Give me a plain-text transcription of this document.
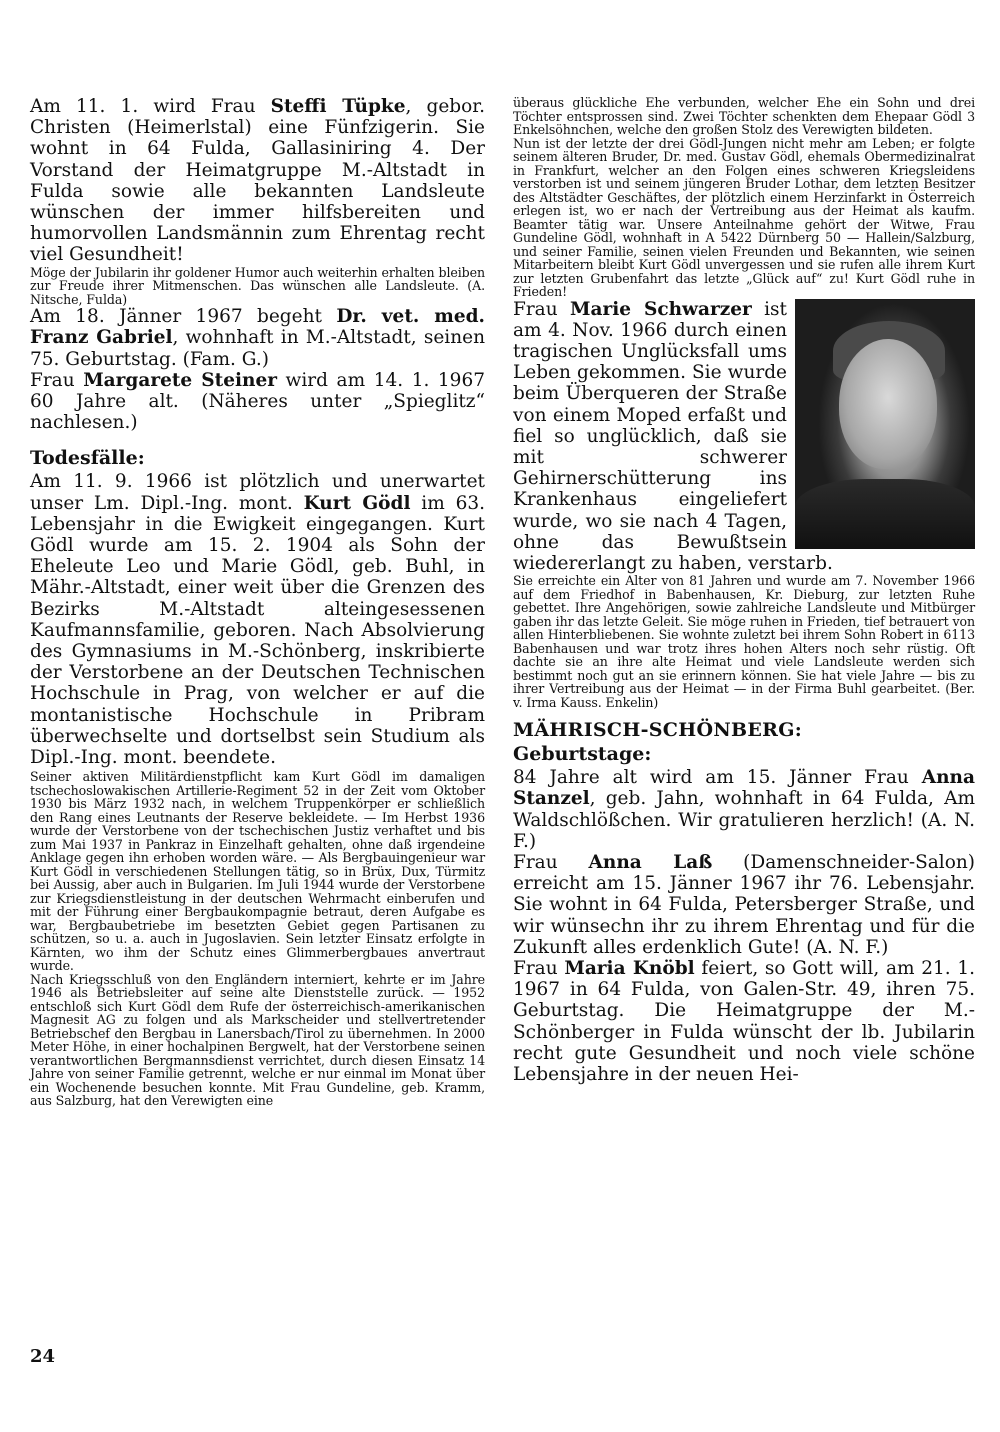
Am 11. 1. wird Frau Steffi Tüpke, gebor. Christen (Heimerlstal) eine Fünfzigerin. Sie wohnt in 64 Fulda, Gallasiniring 4. Der Vorstand der Heimatgruppe M.-Altstadt in Fulda sowie alle bekannten Landsleute wünschen der immer hilfsbereiten und humorvollen Landsmännin zum Ehrentag recht viel Gesundheit!

Möge der Jubilarin ihr goldener Humor auch weiterhin erhalten bleiben zur Freude ihrer Mitmenschen. Das wünschen alle Landsleute. (A. Nitsche, Fulda)

Am 18. Jänner 1967 begeht Dr. vet. med. Franz Gabriel, wohnhaft in M.-Altstadt, seinen 75. Geburtstag. (Fam. G.)

Frau Margarete Steiner wird am 14. 1. 1967 60 Jahre alt. (Näheres unter „Spieglitz“ nachlesen.)

Todesfälle:

Am 11. 9. 1966 ist plötzlich und unerwartet unser Lm. Dipl.-Ing. mont. Kurt Gödl im 63. Lebensjahr in die Ewigkeit eingegangen. Kurt Gödl wurde am 15. 2. 1904 als Sohn der Eheleute Leo und Marie Gödl, geb. Buhl, in Mähr.-Altstadt, einer weit über die Grenzen des Bezirks M.-Altstadt alteingesessenen Kaufmannsfamilie, geboren. Nach Absolvierung des Gymnasiums in M.-Schönberg, inskribierte der Verstorbene an der Deutschen Technischen Hochschule in Prag, von welcher er auf die montanistische Hochschule in Pribram überwechselte und dortselbst sein Studium als Dipl.-Ing. mont. beendete.

Seiner aktiven Militärdienstpflicht kam Kurt Gödl im damaligen tschechoslowakischen Artillerie-Regiment 52 in der Zeit vom Oktober 1930 bis März 1932 nach, in welchem Truppenkörper er schließlich den Rang eines Leutnants der Reserve bekleidete. — Im Herbst 1936 wurde der Verstorbene von der tschechischen Justiz verhaftet und bis zum Mai 1937 in Pankraz in Einzelhaft gehalten, ohne daß irgendeine Anklage gegen ihn erhoben worden wäre. — Als Bergbauingenieur war Kurt Gödl in verschiedenen Stellungen tätig, so in Brüx, Dux, Türmitz bei Aussig, aber auch in Bulgarien. Im Juli 1944 wurde der Verstorbene zur Kriegsdienstleistung in der deutschen Wehrmacht einberufen und mit der Führung einer Bergbaukompagnie betraut, deren Aufgabe es war, Bergbaubetriebe im besetzten Gebiet gegen Partisanen zu schützen, so u. a. auch in Jugoslavien. Sein letzter Einsatz erfolgte in Kärnten, wo ihm der Schutz eines Glimmerbergbaues anvertraut wurde.

Nach Kriegsschluß von den Engländern interniert, kehrte er im Jahre 1946 als Betriebsleiter auf seine alte Dienststelle zurück. — 1952 entschloß sich Kurt Gödl dem Rufe der österreichisch-amerikanischen Magnesit AG zu folgen und als Markscheider und stellvertretender Betriebschef den Bergbau in Lanersbach/Tirol zu übernehmen. In 2000 Meter Höhe, in einer hochalpinen Bergwelt, hat der Verstorbene seinen verantwortlichen Bergmannsdienst verrichtet, durch diesen Einsatz 14 Jahre von seiner Familie getrennt, welche er nur einmal im Monat über ein Wochenende besuchen konnte. Mit Frau Gundeline, geb. Kramm, aus Salzburg, hat den Verewigten eine

überaus glückliche Ehe verbunden, welcher Ehe ein Sohn und drei Töchter entsprossen sind. Zwei Töchter schenkten dem Ehepaar Gödl 3 Enkelsöhnchen, welche den großen Stolz des Verewigten bildeten.

Nun ist der letzte der drei Gödl-Jungen nicht mehr am Leben; er folgte seinem älteren Bruder, Dr. med. Gustav Gödl, ehemals Obermedizinalrat in Frankfurt, welcher an den Folgen eines schweren Kriegsleidens verstorben ist und seinem jüngeren Bruder Lothar, dem letzten Besitzer des Altstädter Geschäftes, der plötzlich einem Herzinfarkt in Österreich erlegen ist, wo er nach der Vertreibung aus der Heimat als kaufm. Beamter tätig war. Unsere Anteilnahme gehört der Witwe, Frau Gundeline Gödl, wohnhaft in A 5422 Dürnberg 50 — Hallein/Salzburg, und seiner Familie, seinen vielen Freunden und Bekannten, wie seinen Mitarbeitern bleibt Kurt Gödl unvergessen und sie rufen alle ihrem Kurt zur letzten Grubenfahrt das letzte „Glück auf“ zu! Kurt Gödl ruhe in Frieden!

Frau Marie Schwarzer ist am 4. Nov. 1966 durch einen tragischen Unglücksfall ums Leben gekommen. Sie wurde beim Überqueren der Straße von einem Moped erfaßt und fiel so unglücklich, daß sie mit schwerer Gehirnerschütterung ins Krankenhaus eingeliefert wurde, wo sie nach 4 Tagen, ohne das Bewußtsein wiedererlangt zu haben, verstarb.

Sie erreichte ein Alter von 81 Jahren und wurde am 7. November 1966 auf dem Friedhof in Babenhausen, Kr. Dieburg, zur letzten Ruhe gebettet. Ihre Angehörigen, sowie zahlreiche Landsleute und Mitbürger gaben ihr das letzte Geleit. Sie möge ruhen in Frieden, tief betrauert von allen Hinterbliebenen. Sie wohnte zuletzt bei ihrem Sohn Robert in 6113 Babenhausen und war trotz ihres hohen Alters noch sehr rüstig. Oft dachte sie an ihre alte Heimat und viele Landsleute werden sich bestimmt noch gut an sie erinnern können. Sie hat viele Jahre — bis zu ihrer Vertreibung aus der Heimat — in der Firma Buhl gearbeitet. (Ber. v. Irma Kauss. Enkelin)

MÄHRISCH-SCHÖNBERG:

Geburtstage:

84 Jahre alt wird am 15. Jänner Frau Anna Stanzel, geb. Jahn, wohnhaft in 64 Fulda, Am Waldschlößchen. Wir gratulieren herzlich! (A. N. F.)

Frau Anna Laß (Damenschneider-Salon) erreicht am 15. Jänner 1967 ihr 76. Lebensjahr. Sie wohnt in 64 Fulda, Petersberger Straße, und wir wünsechn ihr zu ihrem Ehrentag und für die Zukunft alles erdenklich Gute! (A. N. F.)

Frau Maria Knöbl feiert, so Gott will, am 21. 1. 1967 in 64 Fulda, von Galen-Str. 49, ihren 75. Geburtstag. Die Heimatgruppe der M.-Schönberger in Fulda wünscht der lb. Jubilarin recht gute Gesundheit und noch viele schöne Lebensjahre in der neuen Hei-

24
